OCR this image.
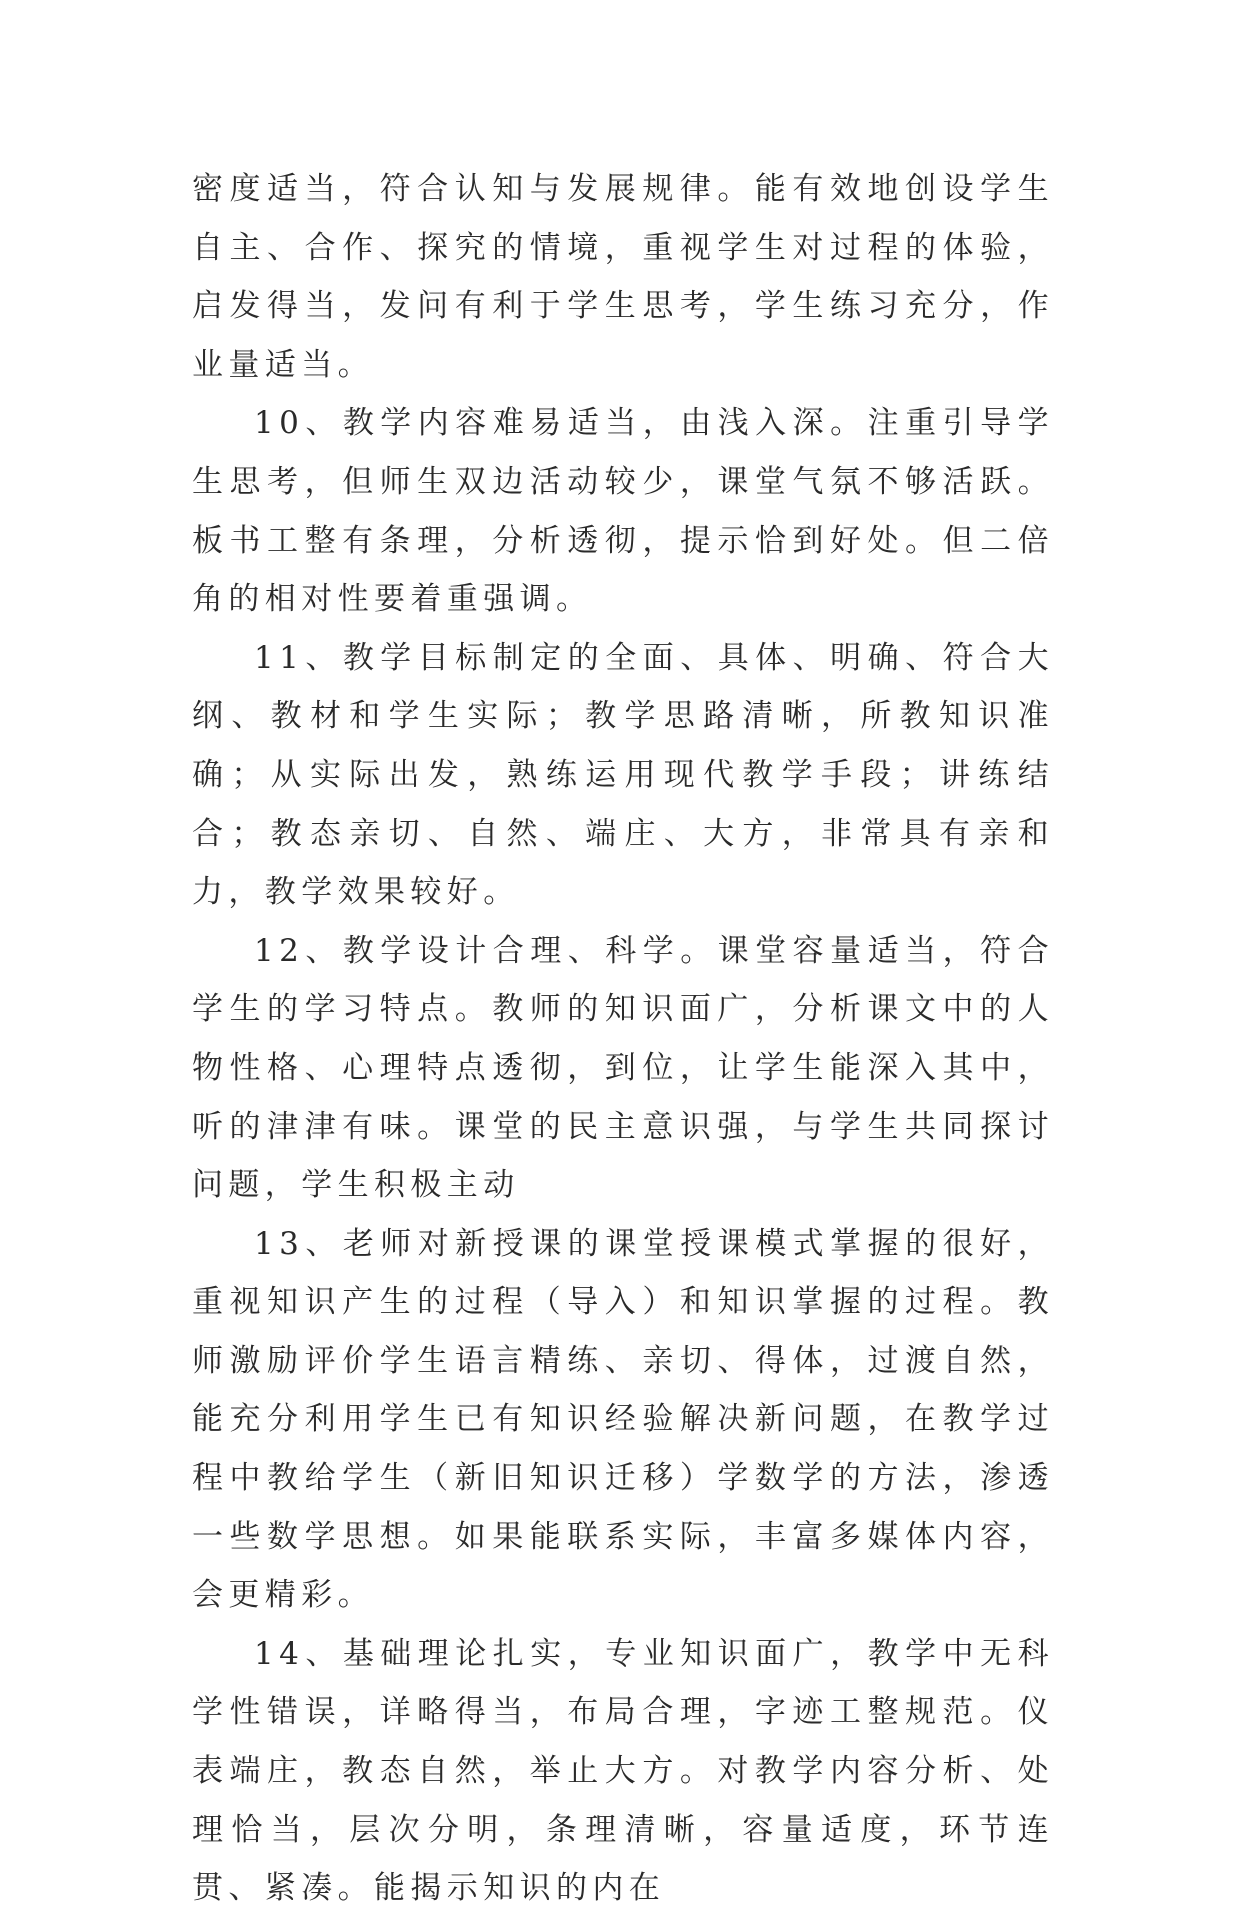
密度适当，符合认知与发展规律。能有效地创设学生自主、合作、探究的情境，重视学生对过程的体验，启发得当，发问有利于学生思考，学生练习充分，作业量适当。

10、教学内容难易适当，由浅入深。注重引导学生思考，但师生双边活动较少，课堂气氛不够活跃。板书工整有条理，分析透彻，提示恰到好处。但二倍角的相对性要着重强调。

11、教学目标制定的全面、具体、明确、符合大纲、教材和学生实际；教学思路清晰，所教知识准确；从实际出发，熟练运用现代教学手段；讲练结合；教态亲切、自然、端庄、大方，非常具有亲和力，教学效果较好。

12、教学设计合理、科学。课堂容量适当，符合学生的学习特点。教师的知识面广，分析课文中的人物性格、心理特点透彻，到位，让学生能深入其中，听的津津有味。课堂的民主意识强，与学生共同探讨问题，学生积极主动

13、老师对新授课的课堂授课模式掌握的很好，重视知识产生的过程（导入）和知识掌握的过程。教师激励评价学生语言精练、亲切、得体，过渡自然，能充分利用学生已有知识经验解决新问题，在教学过程中教给学生（新旧知识迁移）学数学的方法，渗透一些数学思想。如果能联系实际，丰富多媒体内容，会更精彩。

14、基础理论扎实，专业知识面广，教学中无科学性错误，详略得当，布局合理，字迹工整规范。仪表端庄，教态自然，举止大方。对教学内容分析、处理恰当，层次分明，条理清晰，容量适度，环节连贯、紧凑。能揭示知识的内在
